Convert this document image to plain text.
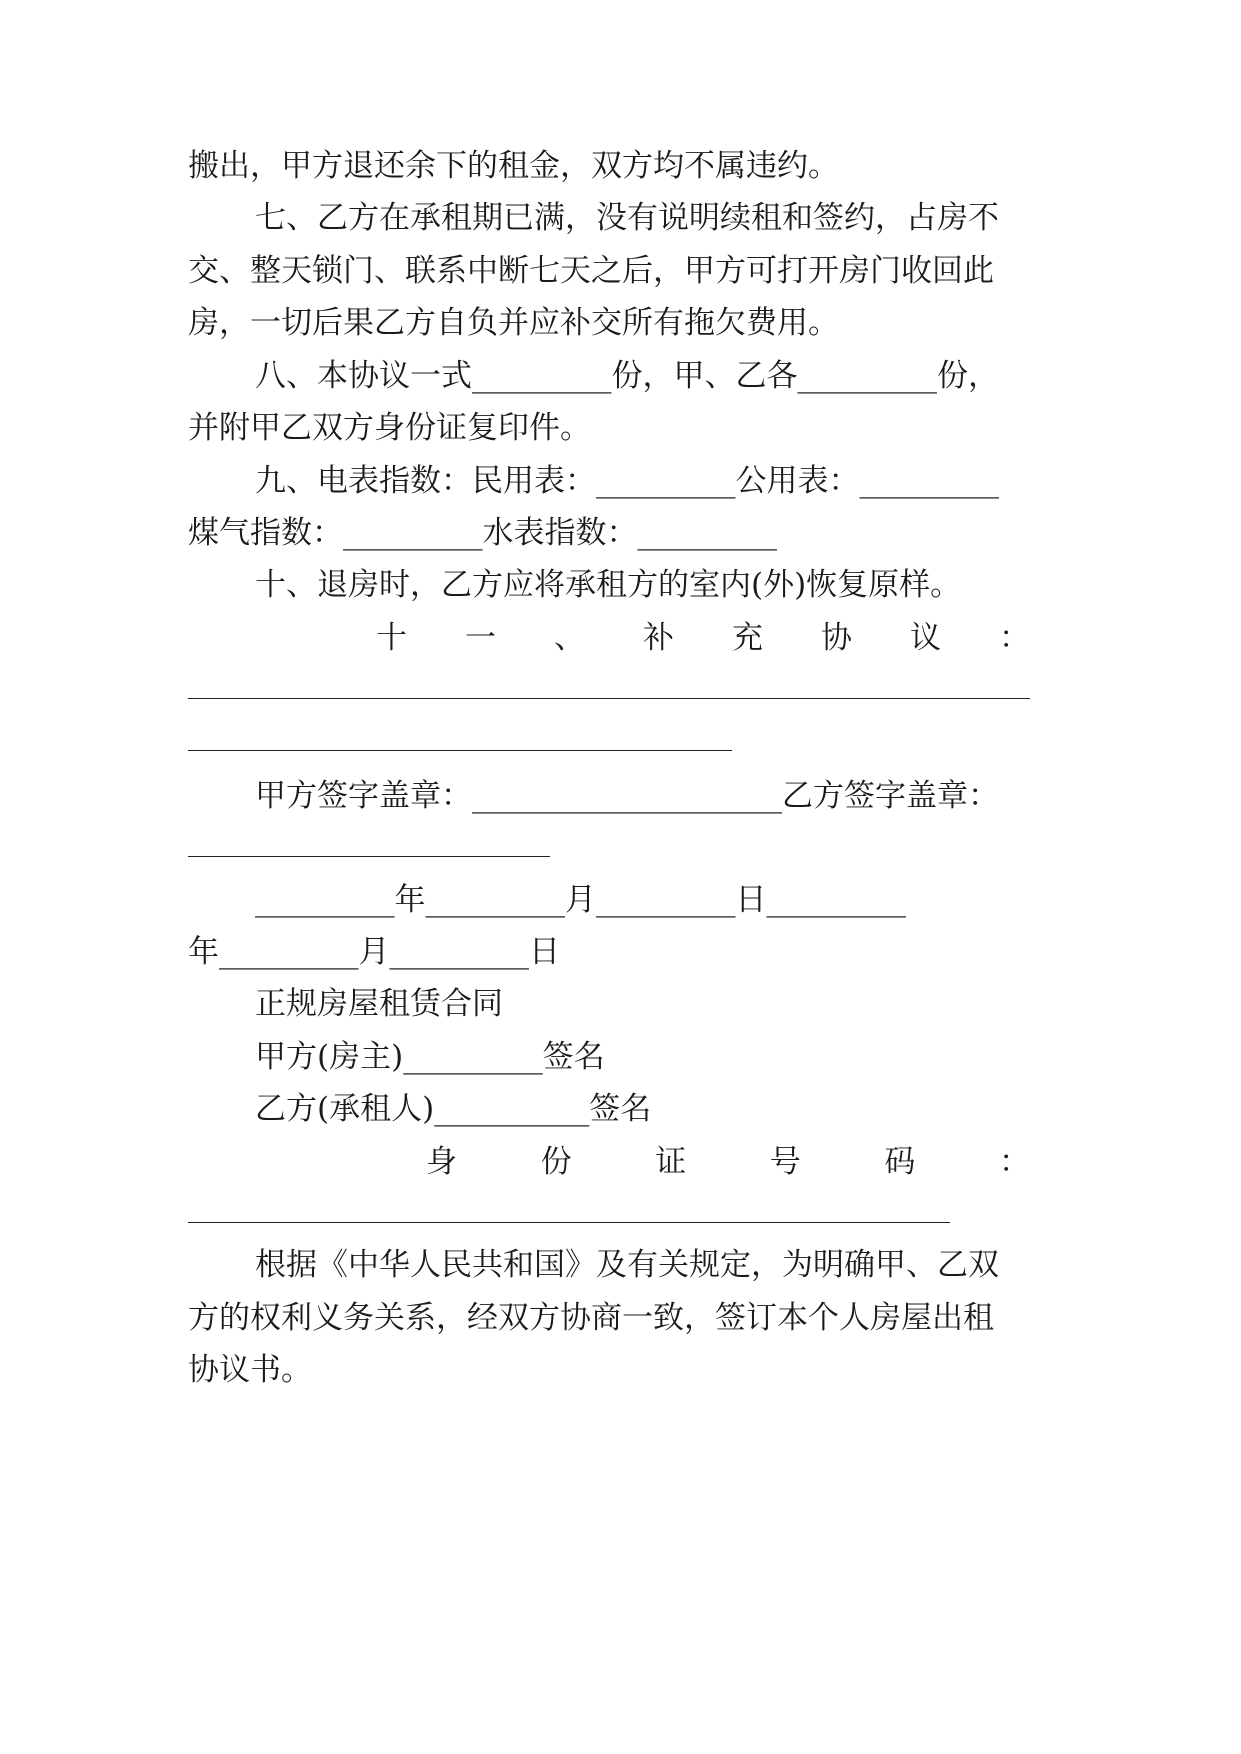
搬出，甲方退还余下的租金，双方均不属违约。
七、乙方在承租期已满，没有说明续租和签约，占房不
交、整天锁门、联系中断七天之后，甲方可打开房门收回此
房，一切后果乙方自负并应补交所有拖欠费用。
八、本协议一式_________份，甲、乙各_________份，
并附甲乙双方身份证复印件。
九、电表指数：民用表：_________公用表：_________
煤气指数：_________水表指数：_________
十、退房时，乙方应将承租方的室内(外)恢复原样。
十 一 、 补 充 协 议 ：
甲方签字盖章：____________________乙方签字盖章：
_________年_________月_________日_________
年_________月_________日
正规房屋租赁合同
甲方(房主)_________签名
乙方(承租人)__________签名
身	份	证	号	码	：
根据《中华人民共和国》及有关规定，为明确甲、乙双
方的权利义务关系，经双方协商一致，签订本个人房屋出租
协议书。
